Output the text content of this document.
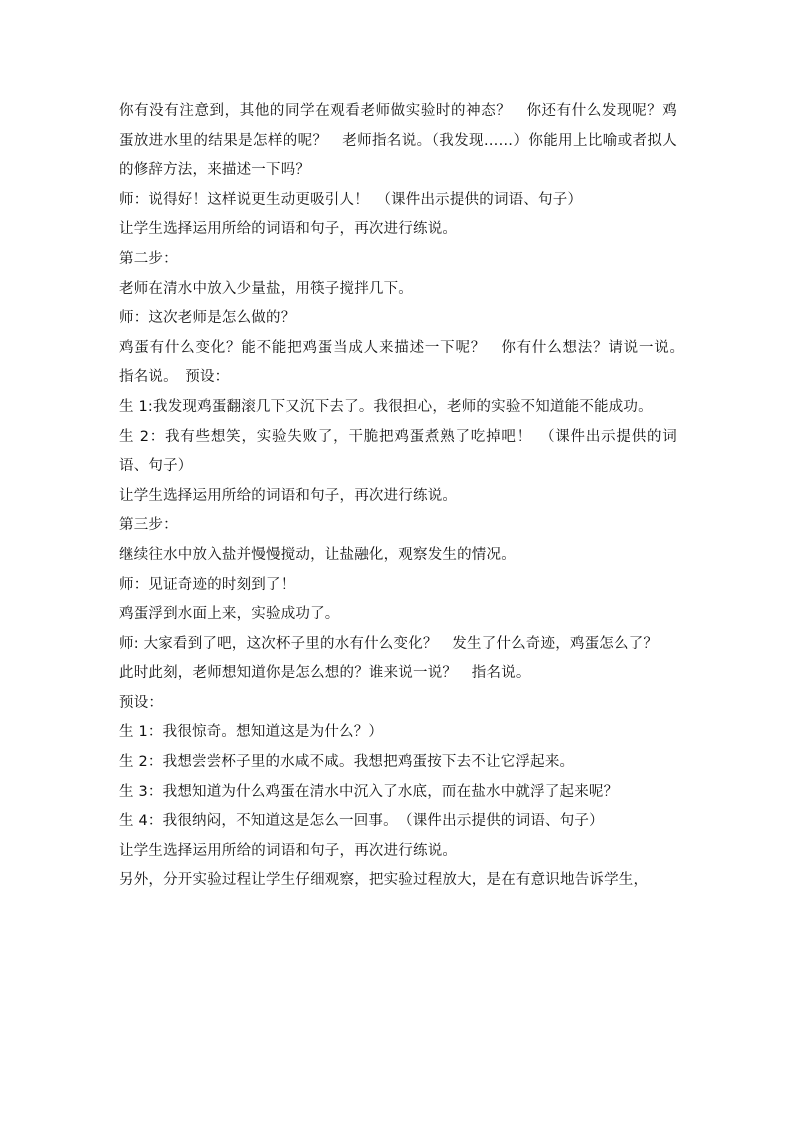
你有没有注意到，其他的同学在观看老师做实验时的神态？　你还有什么发现呢？鸡蛋放进水里的结果是怎样的呢？　老师指名说。（我发现……）你能用上比喻或者拟人的修辞方法，来描述一下吗？

师：说得好！这样说更生动更吸引人！　（课件出示提供的词语、句子）

让学生选择运用所给的词语和句子，再次进行练说。

第二步：

老师在清水中放入少量盐，用筷子搅拌几下。

师：这次老师是怎么做的？

鸡蛋有什么变化？能不能把鸡蛋当成人来描述一下呢？　你有什么想法？请说一说。　指名说。　预设：

生 1:我发现鸡蛋翻滚几下又沉下去了。我很担心，老师的实验不知道能不能成功。

生 2：我有些想笑，实验失败了，干脆把鸡蛋煮熟了吃掉吧！　（课件出示提供的词语、句子）

让学生选择运用所给的词语和句子，再次进行练说。

第三步：

继续往水中放入盐并慢慢搅动，让盐融化，观察发生的情况。

师：见证奇迹的时刻到了！

鸡蛋浮到水面上来，实验成功了。

师: 大家看到了吧，这次杯子里的水有什么变化？　发生了什么奇迹，鸡蛋怎么了？

此时此刻，老师想知道你是怎么想的？谁来说一说？　指名说。

预设：

生 1：我很惊奇。想知道这是为什么？）

生 2：我想尝尝杯子里的水咸不咸。我想把鸡蛋按下去不让它浮起来。

生 3：我想知道为什么鸡蛋在清水中沉入了水底，而在盐水中就浮了起来呢？

生 4：我很纳闷，不知道这是怎么一回事。　（课件出示提供的词语、句子）

让学生选择运用所给的词语和句子，再次进行练说。

另外，分开实验过程让学生仔细观察，把实验过程放大，是在有意识地告诉学生，
